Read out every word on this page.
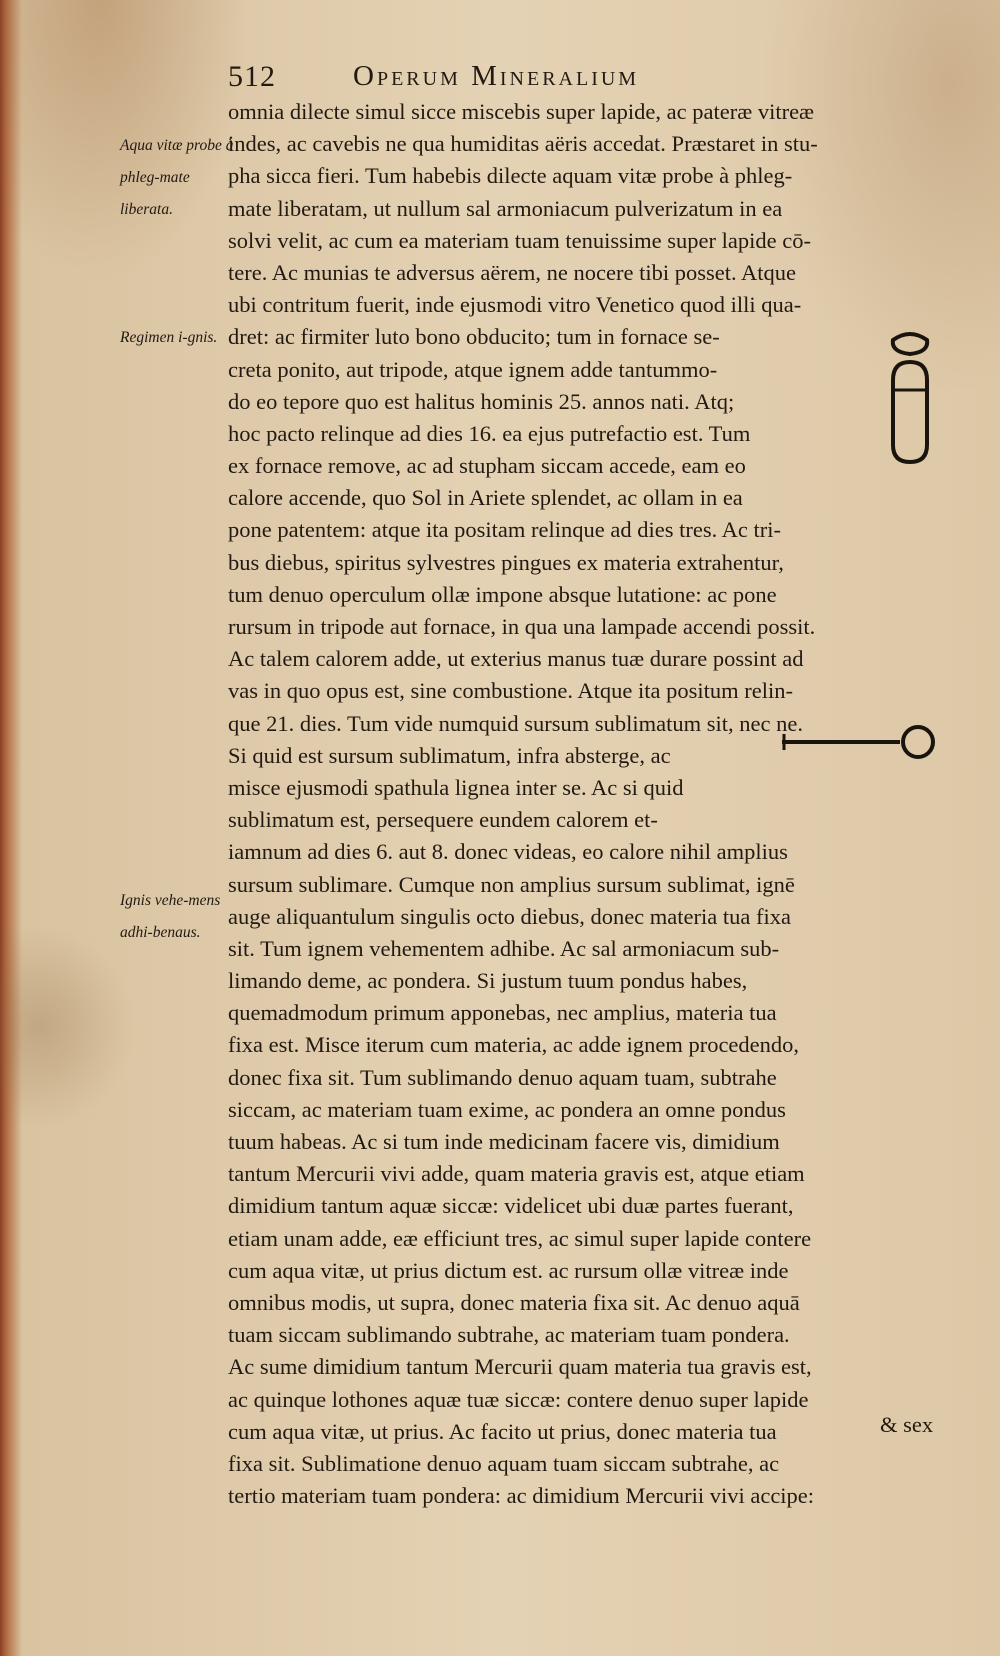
512	Operum Mineralium
Aqua vitæ probe à phleg-mate liberata.
Regimen i-gnis.
Ignis vehe-mens adhi-benaus.
omnia dilecte simul sicce miscebis super lapide, ac pateræ vitreæ
indes, ac cavebis ne qua humiditas aëris accedat. Præstaret in stu-
pha sicca fieri. Tum habebis dilecte aquam vitæ probe à phleg-
mate liberatam, ut nullum sal armoniacum pulverizatum in ea
solvi velit, ac cum ea materiam tuam tenuissime super lapide cō-
tere. Ac munias te adversus aërem, ne nocere tibi posset. Atque
ubi contritum fuerit, inde ejusmodi vitro Venetico quod illi qua-
dret: ac firmiter luto bono obducito; tum in fornace se-
creta ponito, aut tripode, atque ignem adde tantummo-
do eo tepore quo est halitus hominis 25. annos nati. Atq;
hoc pacto relinque ad dies 16. ea ejus putrefactio est. Tum
ex fornace remove, ac ad stupham siccam accede, eam eo
calore accende, quo Sol in Ariete splendet, ac ollam in ea
pone patentem: atque ita positam relinque ad dies tres. Ac tri-
bus diebus, spiritus sylvestres pingues ex materia extrahentur,
tum denuo operculum ollæ impone absque lutatione: ac pone
rursum in tripode aut fornace, in qua una lampade accendi possit.
Ac talem calorem adde, ut exterius manus tuæ durare possint ad
vas in quo opus est, sine combustione. Atque ita positum relin-
que 21. dies. Tum vide numquid sursum sublimatum sit, nec ne.
Si quid est sursum sublimatum, infra absterge, ac
misce ejusmodi spathula lignea inter se. Ac si quid
sublimatum est, persequere eundem calorem et-
iamnum ad dies 6. aut 8. donec videas, eo calore nihil amplius
sursum sublimare. Cumque non amplius sursum sublimat, ignē
auge aliquantulum singulis octo diebus, donec materia tua fixa
sit. Tum ignem vehementem adhibe. Ac sal armoniacum sub-
limando deme, ac pondera. Si justum tuum pondus habes,
quemadmodum primum apponebas, nec amplius, materia tua
fixa est. Misce iterum cum materia, ac adde ignem procedendo,
donec fixa sit. Tum sublimando denuo aquam tuam, subtrahe
siccam, ac materiam tuam exime, ac pondera an omne pondus
tuum habeas. Ac si tum inde medicinam facere vis, dimidium
tantum Mercurii vivi adde, quam materia gravis est, atque etiam
dimidium tantum aquæ siccæ: videlicet ubi duæ partes fuerant,
etiam unam adde, eæ efficiunt tres, ac simul super lapide contere
cum aqua vitæ, ut prius dictum est. ac rursum ollæ vitreæ inde
omnibus modis, ut supra, donec materia fixa sit. Ac denuo aquā
tuam siccam sublimando subtrahe, ac materiam tuam pondera.
Ac sume dimidium tantum Mercurii quam materia tua gravis est,
ac quinque lothones aquæ tuæ siccæ: contere denuo super lapide
cum aqua vitæ, ut prius. Ac facito ut prius, donec materia tua
fixa sit. Sublimatione denuo aquam tuam siccam subtrahe, ac
tertio materiam tuam pondera: ac dimidium Mercurii vivi accipe:
& sex
